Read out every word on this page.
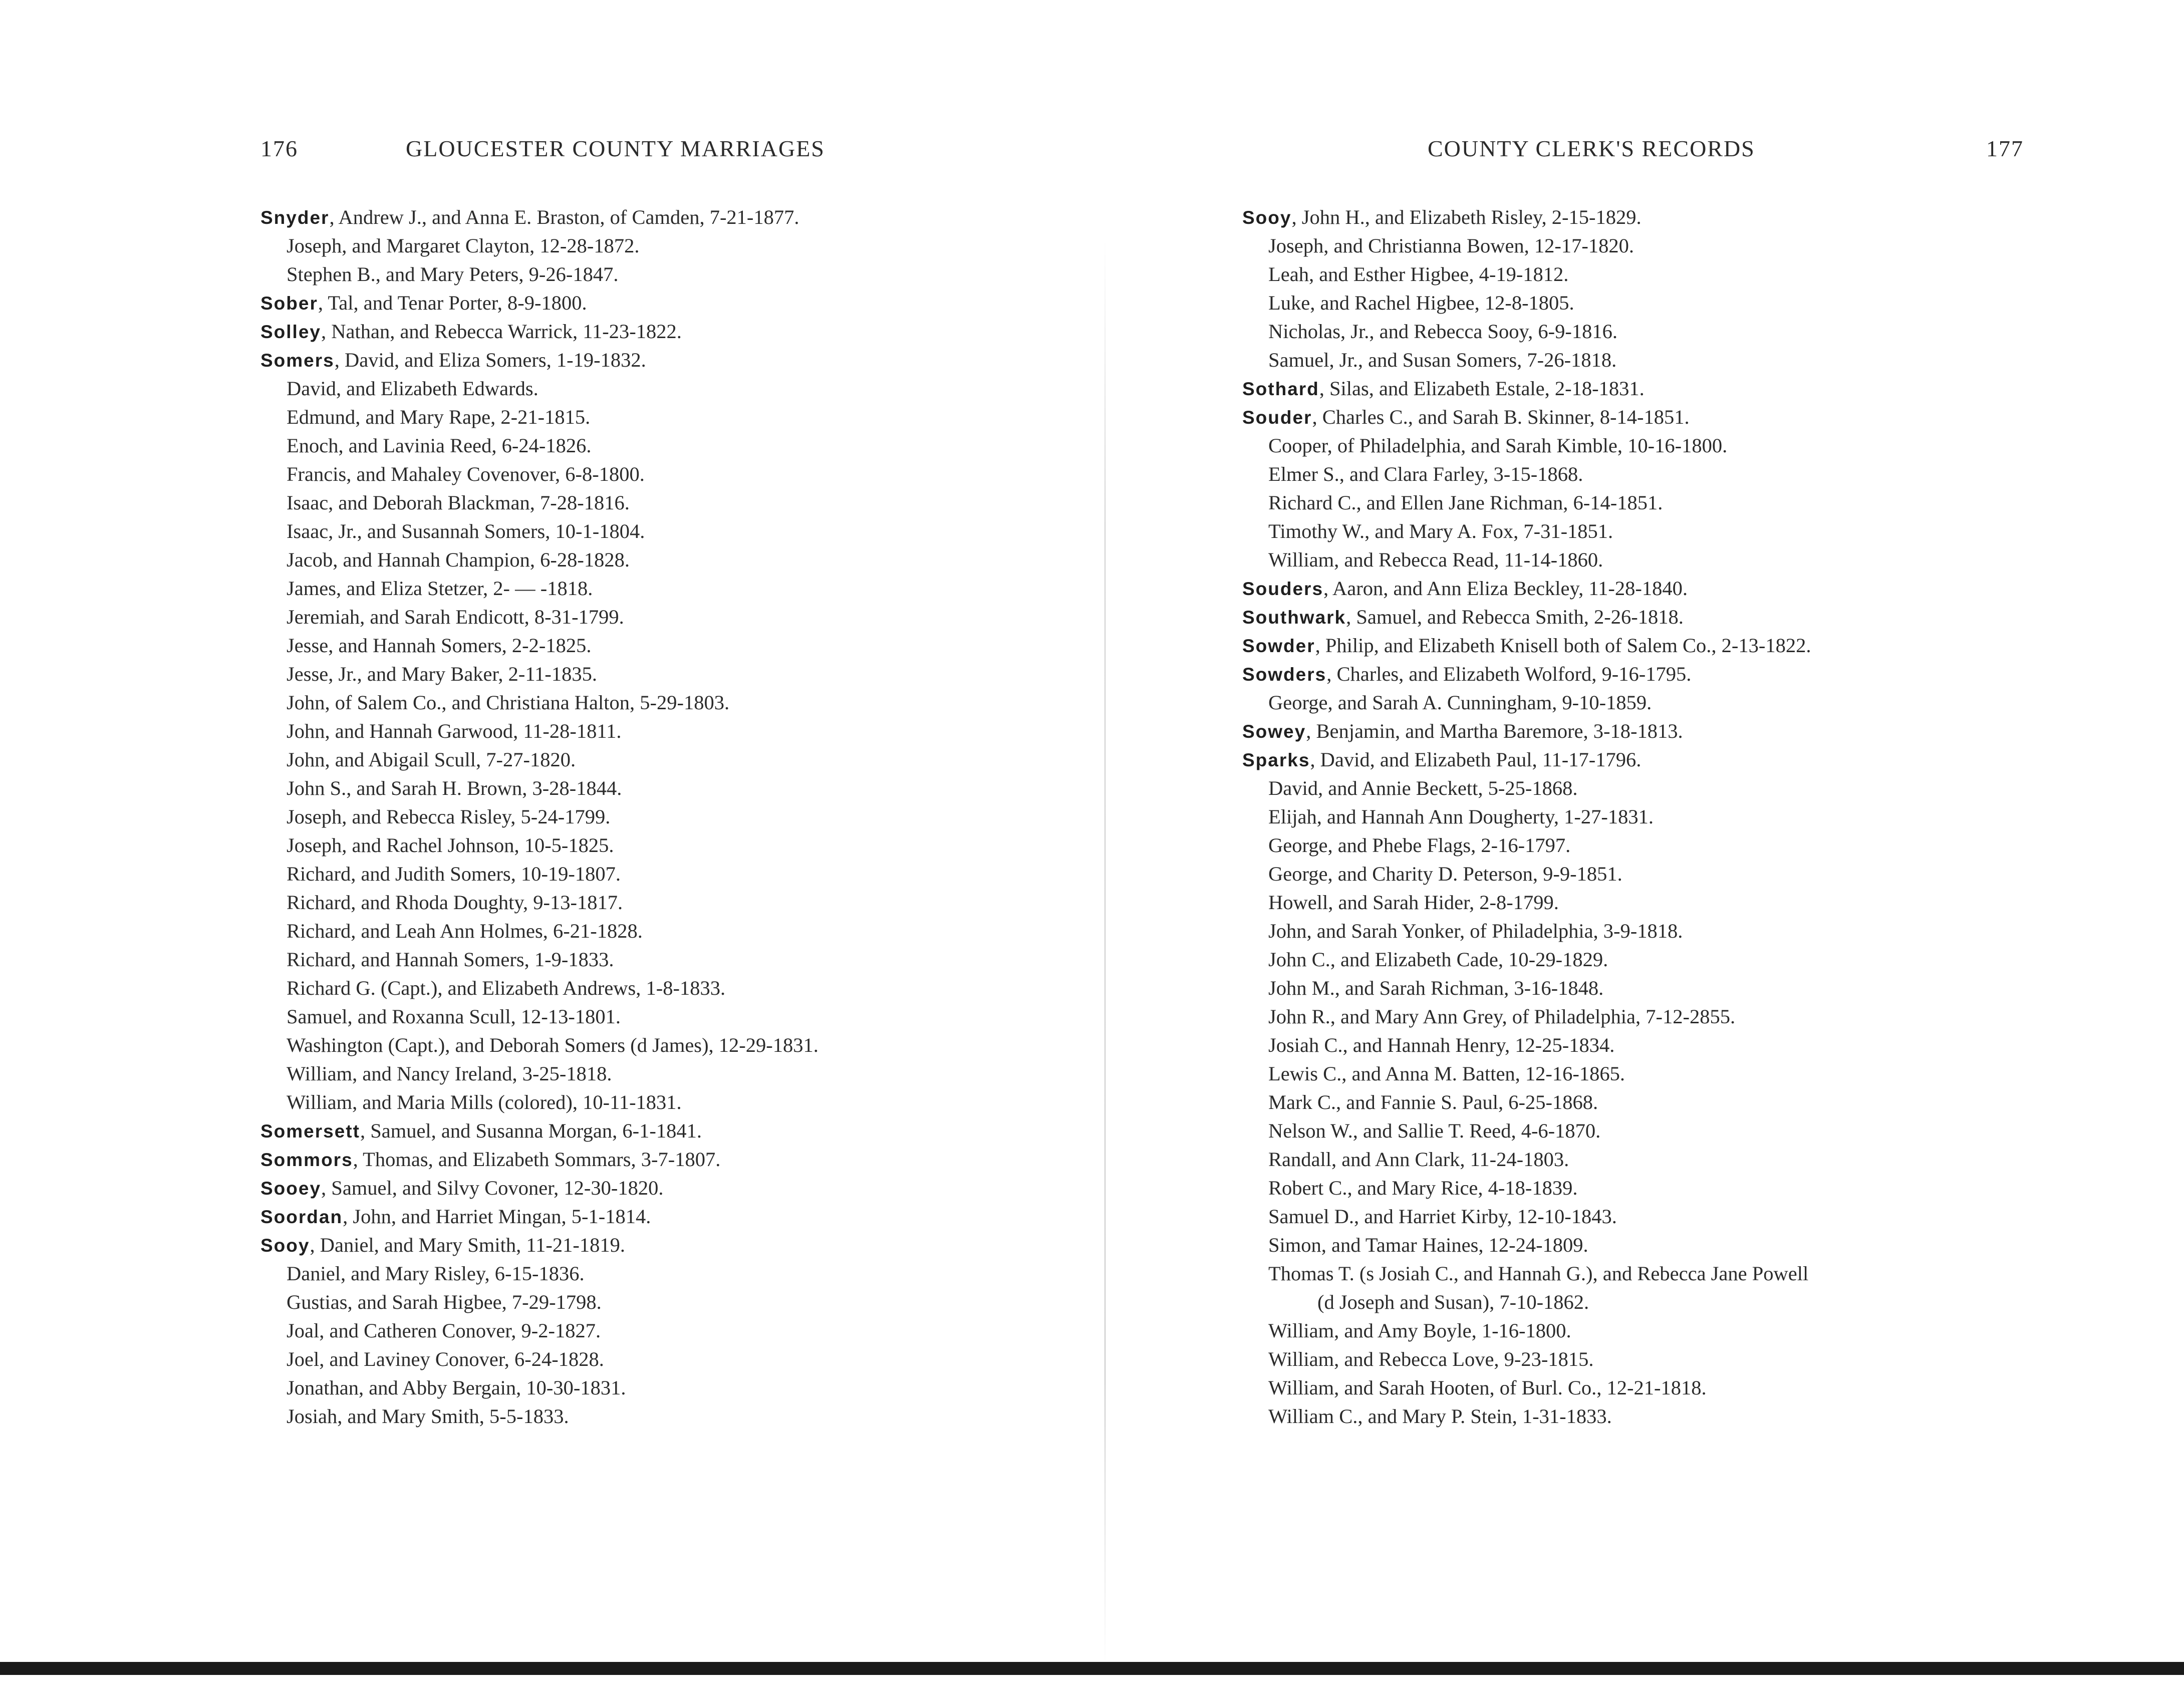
176	GLOUCESTER COUNTY MARRIAGES
Snyder, Andrew J., and Anna E. Braston, of Camden, 7-21-1877.
Joseph, and Margaret Clayton, 12-28-1872.
Stephen B., and Mary Peters, 9-26-1847.
Sober, Tal, and Tenar Porter, 8-9-1800.
Solley, Nathan, and Rebecca Warrick, 11-23-1822.
Somers, David, and Eliza Somers, 1-19-1832.
David, and Elizabeth Edwards.
Edmund, and Mary Rape, 2-21-1815.
Enoch, and Lavinia Reed, 6-24-1826.
Francis, and Mahaley Covenover, 6-8-1800.
Isaac, and Deborah Blackman, 7-28-1816.
Isaac, Jr., and Susannah Somers, 10-1-1804.
Jacob, and Hannah Champion, 6-28-1828.
James, and Eliza Stetzer, 2- — -1818.
Jeremiah, and Sarah Endicott, 8-31-1799.
Jesse, and Hannah Somers, 2-2-1825.
Jesse, Jr., and Mary Baker, 2-11-1835.
John, of Salem Co., and Christiana Halton, 5-29-1803.
John, and Hannah Garwood, 11-28-1811.
John, and Abigail Scull, 7-27-1820.
John S., and Sarah H. Brown, 3-28-1844.
Joseph, and Rebecca Risley, 5-24-1799.
Joseph, and Rachel Johnson, 10-5-1825.
Richard, and Judith Somers, 10-19-1807.
Richard, and Rhoda Doughty, 9-13-1817.
Richard, and Leah Ann Holmes, 6-21-1828.
Richard, and Hannah Somers, 1-9-1833.
Richard G. (Capt.), and Elizabeth Andrews, 1-8-1833.
Samuel, and Roxanna Scull, 12-13-1801.
Washington (Capt.), and Deborah Somers (d James), 12-29-1831.
William, and Nancy Ireland, 3-25-1818.
William, and Maria Mills (colored), 10-11-1831.
Somersett, Samuel, and Susanna Morgan, 6-1-1841.
Sommors, Thomas, and Elizabeth Sommars, 3-7-1807.
Sooey, Samuel, and Silvy Covoner, 12-30-1820.
Soordan, John, and Harriet Mingan, 5-1-1814.
Sooy, Daniel, and Mary Smith, 11-21-1819.
Daniel, and Mary Risley, 6-15-1836.
Gustias, and Sarah Higbee, 7-29-1798.
Joal, and Catheren Conover, 9-2-1827.
Joel, and Laviney Conover, 6-24-1828.
Jonathan, and Abby Bergain, 10-30-1831.
Josiah, and Mary Smith, 5-5-1833.
COUNTY CLERK'S RECORDS	177
Sooy, John H., and Elizabeth Risley, 2-15-1829.
Joseph, and Christianna Bowen, 12-17-1820.
Leah, and Esther Higbee, 4-19-1812.
Luke, and Rachel Higbee, 12-8-1805.
Nicholas, Jr., and Rebecca Sooy, 6-9-1816.
Samuel, Jr., and Susan Somers, 7-26-1818.
Sothard, Silas, and Elizabeth Estale, 2-18-1831.
Souder, Charles C., and Sarah B. Skinner, 8-14-1851.
Cooper, of Philadelphia, and Sarah Kimble, 10-16-1800.
Elmer S., and Clara Farley, 3-15-1868.
Richard C., and Ellen Jane Richman, 6-14-1851.
Timothy W., and Mary A. Fox, 7-31-1851.
William, and Rebecca Read, 11-14-1860.
Souders, Aaron, and Ann Eliza Beckley, 11-28-1840.
Southwark, Samuel, and Rebecca Smith, 2-26-1818.
Sowder, Philip, and Elizabeth Knisell both of Salem Co., 2-13-1822.
Sowders, Charles, and Elizabeth Wolford, 9-16-1795.
George, and Sarah A. Cunningham, 9-10-1859.
Sowey, Benjamin, and Martha Baremore, 3-18-1813.
Sparks, David, and Elizabeth Paul, 11-17-1796.
David, and Annie Beckett, 5-25-1868.
Elijah, and Hannah Ann Dougherty, 1-27-1831.
George, and Phebe Flags, 2-16-1797.
George, and Charity D. Peterson, 9-9-1851.
Howell, and Sarah Hider, 2-8-1799.
John, and Sarah Yonker, of Philadelphia, 3-9-1818.
John C., and Elizabeth Cade, 10-29-1829.
John M., and Sarah Richman, 3-16-1848.
John R., and Mary Ann Grey, of Philadelphia, 7-12-2855.
Josiah C., and Hannah Henry, 12-25-1834.
Lewis C., and Anna M. Batten, 12-16-1865.
Mark C., and Fannie S. Paul, 6-25-1868.
Nelson W., and Sallie T. Reed, 4-6-1870.
Randall, and Ann Clark, 11-24-1803.
Robert C., and Mary Rice, 4-18-1839.
Samuel D., and Harriet Kirby, 12-10-1843.
Simon, and Tamar Haines, 12-24-1809.
Thomas T. (s Josiah C., and Hannah G.), and Rebecca Jane Powell
(d Joseph and Susan), 7-10-1862.
William, and Amy Boyle, 1-16-1800.
William, and Rebecca Love, 9-23-1815.
William, and Sarah Hooten, of Burl. Co., 12-21-1818.
William C., and Mary P. Stein, 1-31-1833.
